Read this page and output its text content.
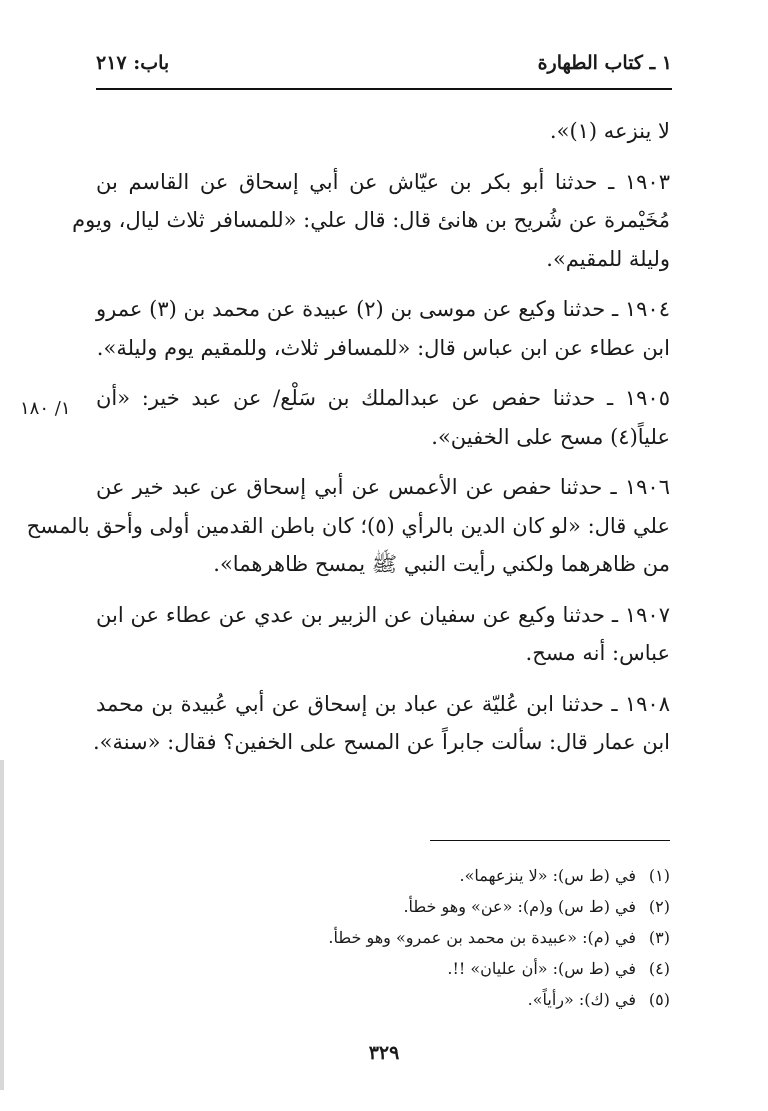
١ ـ كتاب الطهارة
باب: ٢١٧
١/ ١٨٠

لا ينزعه (١)».

١٩٠٣ ـ حدثنا أبو بكر بن عيّاش عن أبي إسحاق عن القاسم بن
مُخَيْمرة عن شُريح بن هانئ قال: قال علي: «للمسافر ثلاث ليال، ويوم
وليلة للمقيم».

١٩٠٤ ـ حدثنا وكيع عن موسى بن (٢) عبيدة عن محمد بن (٣) عمرو
ابن عطاء عن ابن عباس قال: «للمسافر ثلاث، وللمقيم يوم وليلة».

١٩٠٥ ـ حدثنا حفص عن عبدالملك بن سَلْع/ عن عبد خير: «أن
علياً(٤) مسح على الخفين».

١٩٠٦ ـ حدثنا حفص عن الأعمس عن أبي إسحاق عن عبد خير عن
علي قال: «لو كان الدين بالرأي (٥)؛ كان باطن القدمين أولى وأحق بالمسح
من ظاهرهما ولكني رأيت النبي ﷺ يمسح ظاهرهما».

١٩٠٧ ـ حدثنا وكيع عن سفيان عن الزبير بن عدي عن عطاء عن ابن
عباس: أنه مسح.

١٩٠٨ ـ حدثنا ابن عُليّة عن عباد بن إسحاق عن أبي عُبيدة بن محمد
ابن عمار قال: سألت جابراً عن المسح على الخفين؟ فقال: «سنة».

(١)في (ط س): «لا ينزعهما».
(٢)في (ط س) و(م): «عن» وهو خطأ.
(٣)في (م): «عبيدة بن محمد بن عمرو» وهو خطأ.
(٤)في (ط س): «أن عليان» !!.
(٥)في (ك): «رأياً».
٣٢٩
